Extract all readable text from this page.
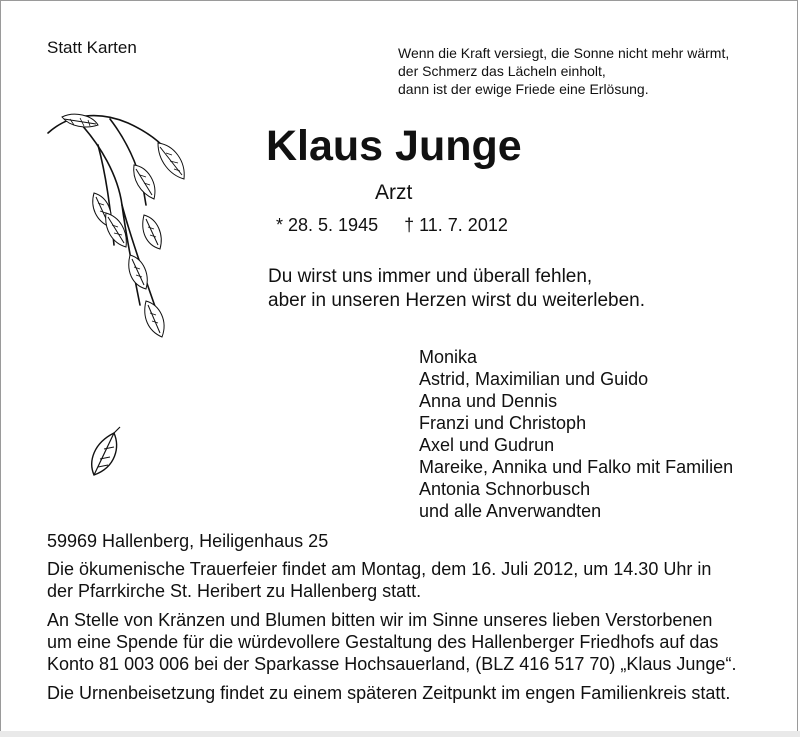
Statt Karten	Wenn die Kraft versiegt, die Sonne nicht mehr wärmt,
der Schmerz das Lächeln einholt,
dann ist der ewige Friede eine Erlösung.
Klaus Junge
Arzt
* 28. 5. 1945 † 11. 7. 2012
Du wirst uns immer und überall fehlen,
aber in unseren Herzen wirst du weiterleben.
Monika
Astrid, Maximilian und Guido
Anna und Dennis
Franzi und Christoph
Axel und Gudrun
Mareike, Annika und Falko mit Familien
Antonia Schnorbusch
und alle Anverwandten
59969 Hallenberg, Heiligenhaus 25

Die ökumenische Trauerfeier findet am Montag, dem 16. Juli 2012, um 14.30 Uhr in
der Pfarrkirche St. Heribert zu Hallenberg statt.

An Stelle von Kränzen und Blumen bitten wir im Sinne unseres lieben Verstorbenen
um eine Spende für die würdevollere Gestaltung des Hallenberger Friedhofs auf das
Konto 81 003 006 bei der Sparkasse Hochsauerland, (BLZ 416 517 70) „Klaus Junge“.

Die Urnenbeisetzung findet zu einem späteren Zeitpunkt im engen Familienkreis statt.
